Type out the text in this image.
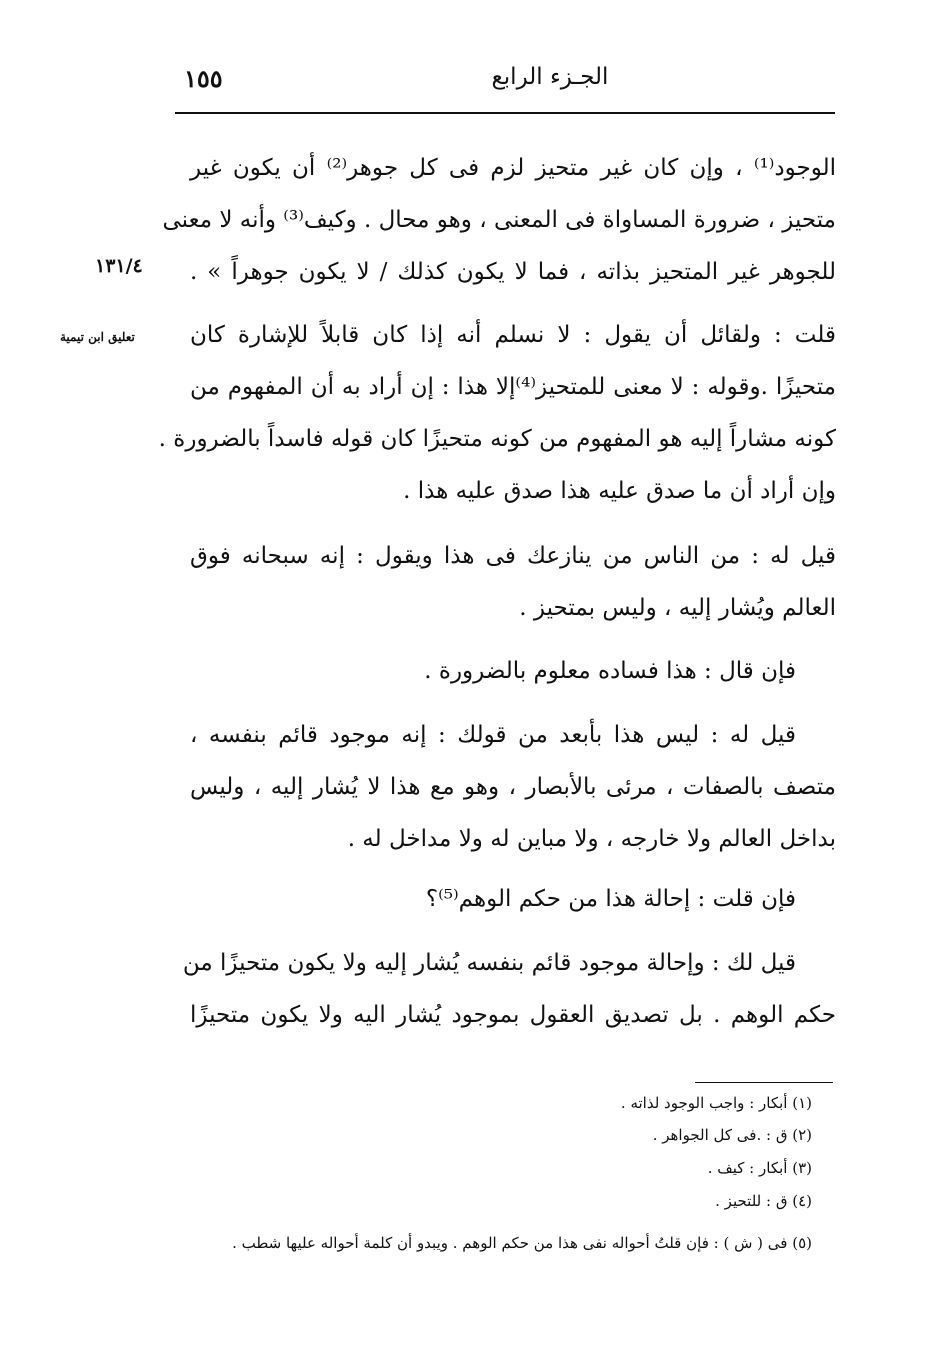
الجـزء الرابع
١٥٥
١٣١/٤
تعليق ابن تيمية
الوجود⁽¹⁾ ، وإن كان غير متحيز لزم فى كل جوهر⁽²⁾ أن يكون غير
متحيز ، ضرورة المساواة فى المعنى ، وهو محال . وكيف⁽³⁾ وأنه لا معنى
للجوهر غير المتحيز بذاته ، فما لا يكون كذلك / لا يكون جوهراً » .
قلت : ولقائل أن يقول : لا نسلم أنه إذا كان قابلاً للإشارة كان
متحيزًا .وقوله : لا معنى للمتحيز⁽⁴⁾إلا هذا : إن أراد به أن المفهوم من
كونه مشاراً إليه هو المفهوم من كونه متحيزًا كان قوله فاسداً بالضرورة .
وإن أراد أن ما صدق عليه هذا صدق عليه هذا .
قيل له : من الناس من ينازعك فى هذا ويقول : إنه سبحانه فوق
العالم ويُشار إليه ، وليس بمتحيز .
فإن قال : هذا فساده معلوم بالضرورة .
قيل له : ليس هذا بأبعد من قولك : إنه موجود قائم بنفسه ،
متصف بالصفات ، مرئى بالأبصار ، وهو مع هذا لا يُشار إليه ، وليس
بداخل العالم ولا خارجه ، ولا مباين له ولا مداخل له .
فإن قلت : إحالة هذا من حكم الوهم⁽⁵⁾؟
قيل لك : وإحالة موجود قائم بنفسه يُشار إليه ولا يكون متحيزًا من
حكم الوهم . بل تصديق العقول بموجود يُشار اليه ولا يكون متحيزًا
(١) أبكار : واجب الوجود لذاته .
(٢) ق : .فى كل الجواهر .
(٣) أبكار : كيف .
(٤) ق : للتحيز .
(٥) فى ( ش ) : فإن قلتُ أحواله نفى هذا من حكم الوهم . ويبدو أن كلمة أحواله عليها شطب .
